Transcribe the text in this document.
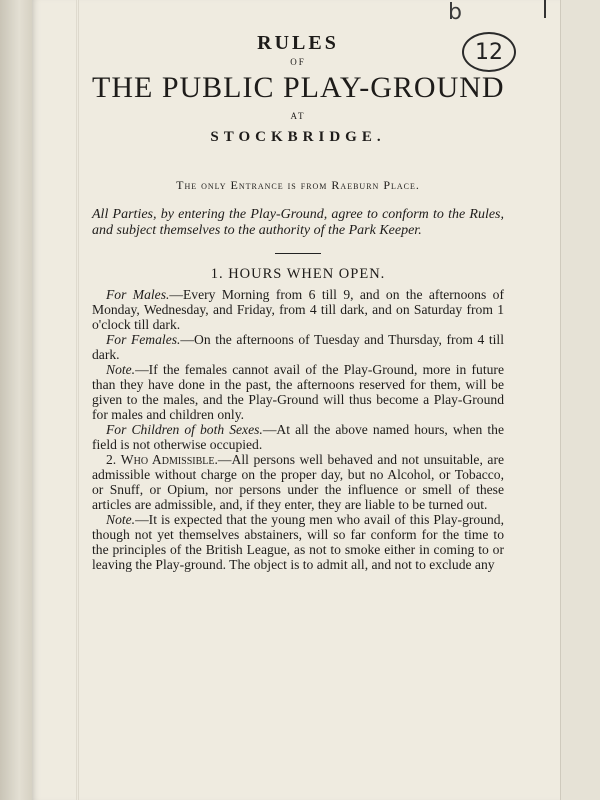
b
12
RULES
OF
THE PUBLIC PLAY-GROUND
AT
STOCKBRIDGE.
The only Entrance is from Raeburn Place.
All Parties, by entering the Play-Ground, agree to conform to the Rules, and subject themselves to the authority of the Park Keeper.
1. HOURS WHEN OPEN.

For Males.—Every Morning from 6 till 9, and on the afternoons of Monday, Wednesday, and Friday, from 4 till dark, and on Saturday from 1 o'clock till dark.

For Females.—On the afternoons of Tuesday and Thursday, from 4 till dark.

Note.—If the females cannot avail of the Play-Ground, more in future than they have done in the past, the afternoons reserved for them, will be given to the males, and the Play-Ground will thus become a Play-Ground for males and children only.

For Children of both Sexes.—At all the above named hours, when the field is not otherwise occupied.

2. Who Admissible.—All persons well behaved and not unsuitable, are admissible without charge on the proper day, but no Alcohol, or Tobacco, or Snuff, or Opium, nor persons under the influence or smell of these articles are admissible, and, if they enter, they are liable to be turned out.

Note.—It is expected that the young men who avail of this Play-ground, though not yet themselves abstainers, will so far conform for the time to the principles of the British League, as not to smoke either in coming to or leaving the Play-ground. The object is to admit all, and not to exclude any
